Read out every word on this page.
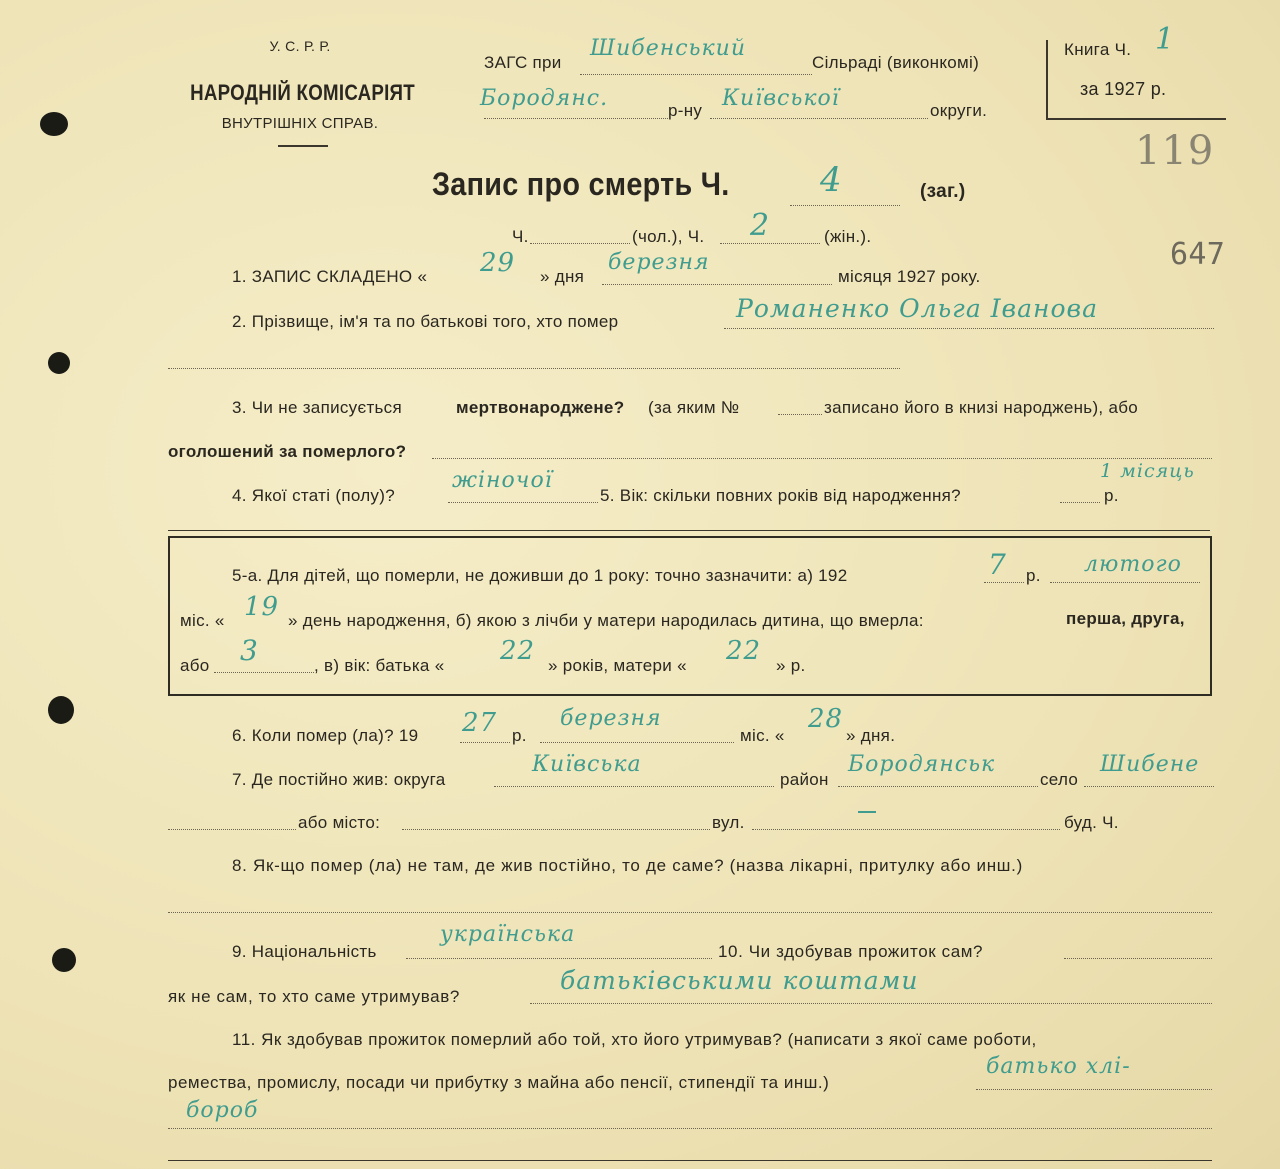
У. С. Р. Р.
НАРОДНІЙ КОМІСАРІЯТ
ВНУТРІШНІХ СПРАВ.
ЗАГС при
Шибенський
Сільраді (виконкомі)
Бородянс.	р-ну Київської	округи.
Книга Ч. 1
за 1927 р.
119
647
Запис про смерть Ч.	4	(заг.)
Ч.	(чол.), Ч. 2	(жін.).
1. ЗАПИС СКЛАДЕНО « 29 » дня
березня
місяця 1927 року.
2. Прізвище, ім'я та по батькові того, хто помер	Романенко Ольга Іванова
3. Чи не записується	мертвонароджене? (за яким №	записано його в книзі народжень), або
оголошений за померлого?
4. Якої статі (полу)?
жіночої
5. Вік: скільки повних років від народження?
1 місяць
р.
5-а. Для дітей, що померли, не доживши до 1 року: точно зазначити: а) 192	7 р. лютого
міс. « 19 » день народження, б) якою з лічби у матери народилась дитина, що вмерла:	перша, друга,
або 3	, в) вік: батька « 22 » років, матери « 22 » р.
6. Коли помер (ла)? 19 27 р.
березня
міс. «
28
» дня.
7. Де постійно жив: округа
Київська
район
Бородянськ
село
Шибене
або місто:	вул.	буд. Ч.
8. Як-що помер (ла) не там, де жив постійно, то де саме? (назва лікарні, притулку або инш.)
9. Національність
українська
10. Чи здобував прожиток сам?
як не сам, то хто саме утримував?
батьківськими коштами
11. Як здобував прожиток померлий або той, хто його утримував? (написати з якої саме роботи,
ремества, промислу, посади чи прибутку з майна або пенсії, стипендії та инш.)
батько хлі-
бороб
